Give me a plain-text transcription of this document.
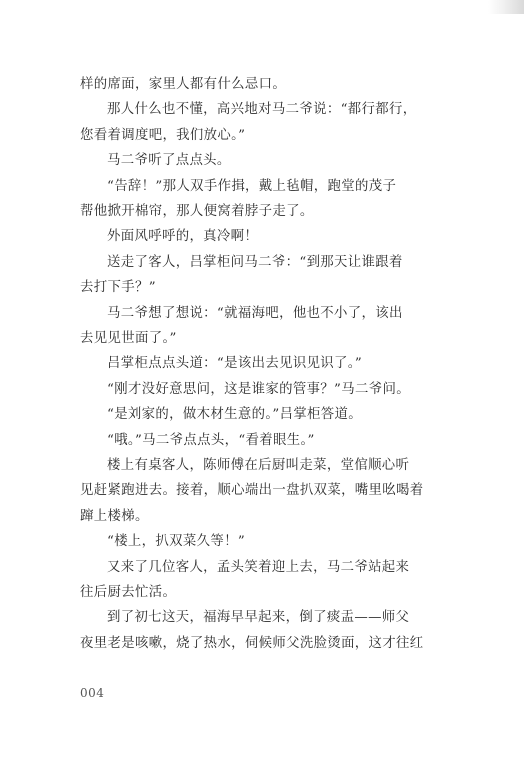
样的席面，家里人都有什么忌口。
那人什么也不懂，高兴地对马二爷说：“都行都行，
您看着调度吧，我们放心。”
马二爷听了点点头。
“告辞！”那人双手作揖，戴上毡帽，跑堂的茂子
帮他掀开棉帘，那人便窝着脖子走了。
外面风呼呼的，真冷啊！
送走了客人，吕掌柜问马二爷：“到那天让谁跟着
去打下手？”
马二爷想了想说：“就福海吧，他也不小了，该出
去见见世面了。”
吕掌柜点点头道：“是该出去见识见识了。”
“刚才没好意思问，这是谁家的管事？”马二爷问。
“是刘家的，做木材生意的。”吕掌柜答道。
“哦。”马二爷点点头，“看着眼生。”
楼上有桌客人，陈师傅在后厨叫走菜，堂倌顺心听
见赶紧跑进去。接着，顺心端出一盘扒双菜，嘴里吆喝着
蹿上楼梯。
“楼上，扒双菜久等！”
又来了几位客人，孟头笑着迎上去，马二爷站起来
往后厨去忙活。
到了初七这天，福海早早起来，倒了痰盂——师父
夜里老是咳嗽，烧了热水，伺候师父洗脸烫面，这才往红
004
